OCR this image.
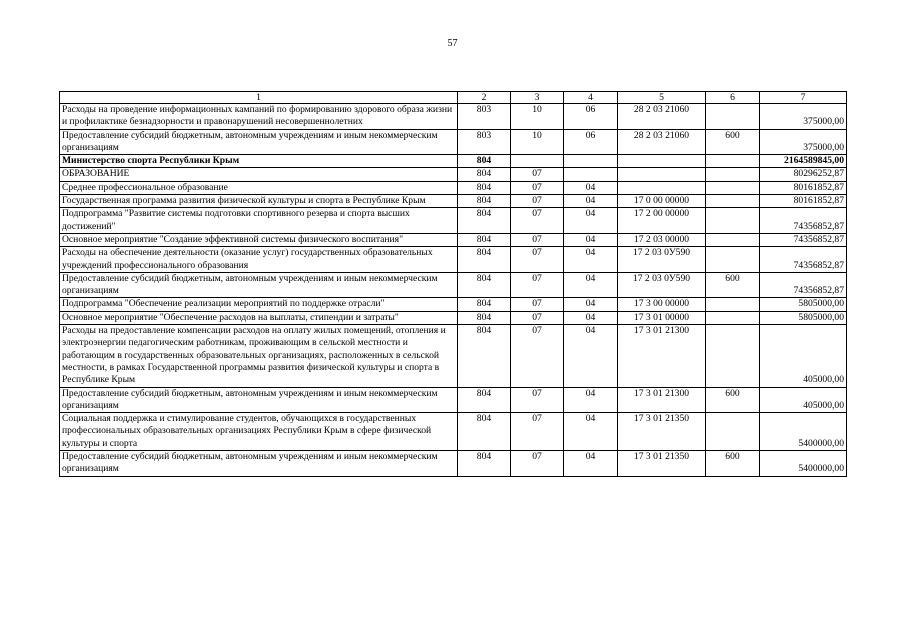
57
1	2	3	4	5	6	7
Расходы на проведение информационных кампаний по формированию здорового образа жизни и профилактике безнадзорности и правонарушений несовершеннолетних	803	10	06	28 2 03 21060		375000,00
Предоставление субсидий бюджетным, автономным учреждениям и иным некоммерческим организациям	803	10	06	28 2 03 21060	600	375000,00
Министерство спорта Республики Крым	804					2164589845,00
ОБРАЗОВАНИЕ	804	07				80296252,87
Среднее профессиональное образование	804	07	04			80161852,87
Государственная программа развития физической культуры и спорта в Республике Крым	804	07	04	17 0 00 00000		80161852,87
Подпрограмма "Развитие системы подготовки спортивного резерва и спорта высших достижений"	804	07	04	17 2 00 00000		74356852,87
Основное мероприятие "Создание эффективной системы физического воспитания"	804	07	04	17 2 03 00000		74356852,87
Расходы на обеспечение деятельности (оказание услуг) государственных образовательных учреждений профессионального образования	804	07	04	17 2 03 0У590		74356852,87
Предоставление субсидий бюджетным, автономным учреждениям и иным некоммерческим организациям	804	07	04	17 2 03 0У590	600	74356852,87
Подпрограмма "Обеспечение реализации мероприятий по поддержке отрасли"	804	07	04	17 3 00 00000		5805000,00
Основное мероприятие "Обеспечение расходов на выплаты, стипендии и затраты"	804	07	04	17 3 01 00000		5805000,00
Расходы на предоставление компенсации расходов на оплату жилых помещений, отопления и электроэнергии педагогическим работникам, проживающим в сельской местности и работающим в государственных образовательных организациях, расположенных в сельской местности, в рамках Государственной программы развития физической культуры и спорта в Республике Крым	804	07	04	17 3 01 21300		405000,00
Предоставление субсидий бюджетным, автономным учреждениям и иным некоммерческим организациям	804	07	04	17 3 01 21300	600	405000,00
Социальная поддержка и стимулирование студентов, обучающихся в государственных профессиональных образовательных организациях Республики Крым в сфере физической культуры и спорта	804	07	04	17 3 01 21350		5400000,00
Предоставление субсидий бюджетным, автономным учреждениям и иным некоммерческим организациям	804	07	04	17 3 01 21350	600	5400000,00
